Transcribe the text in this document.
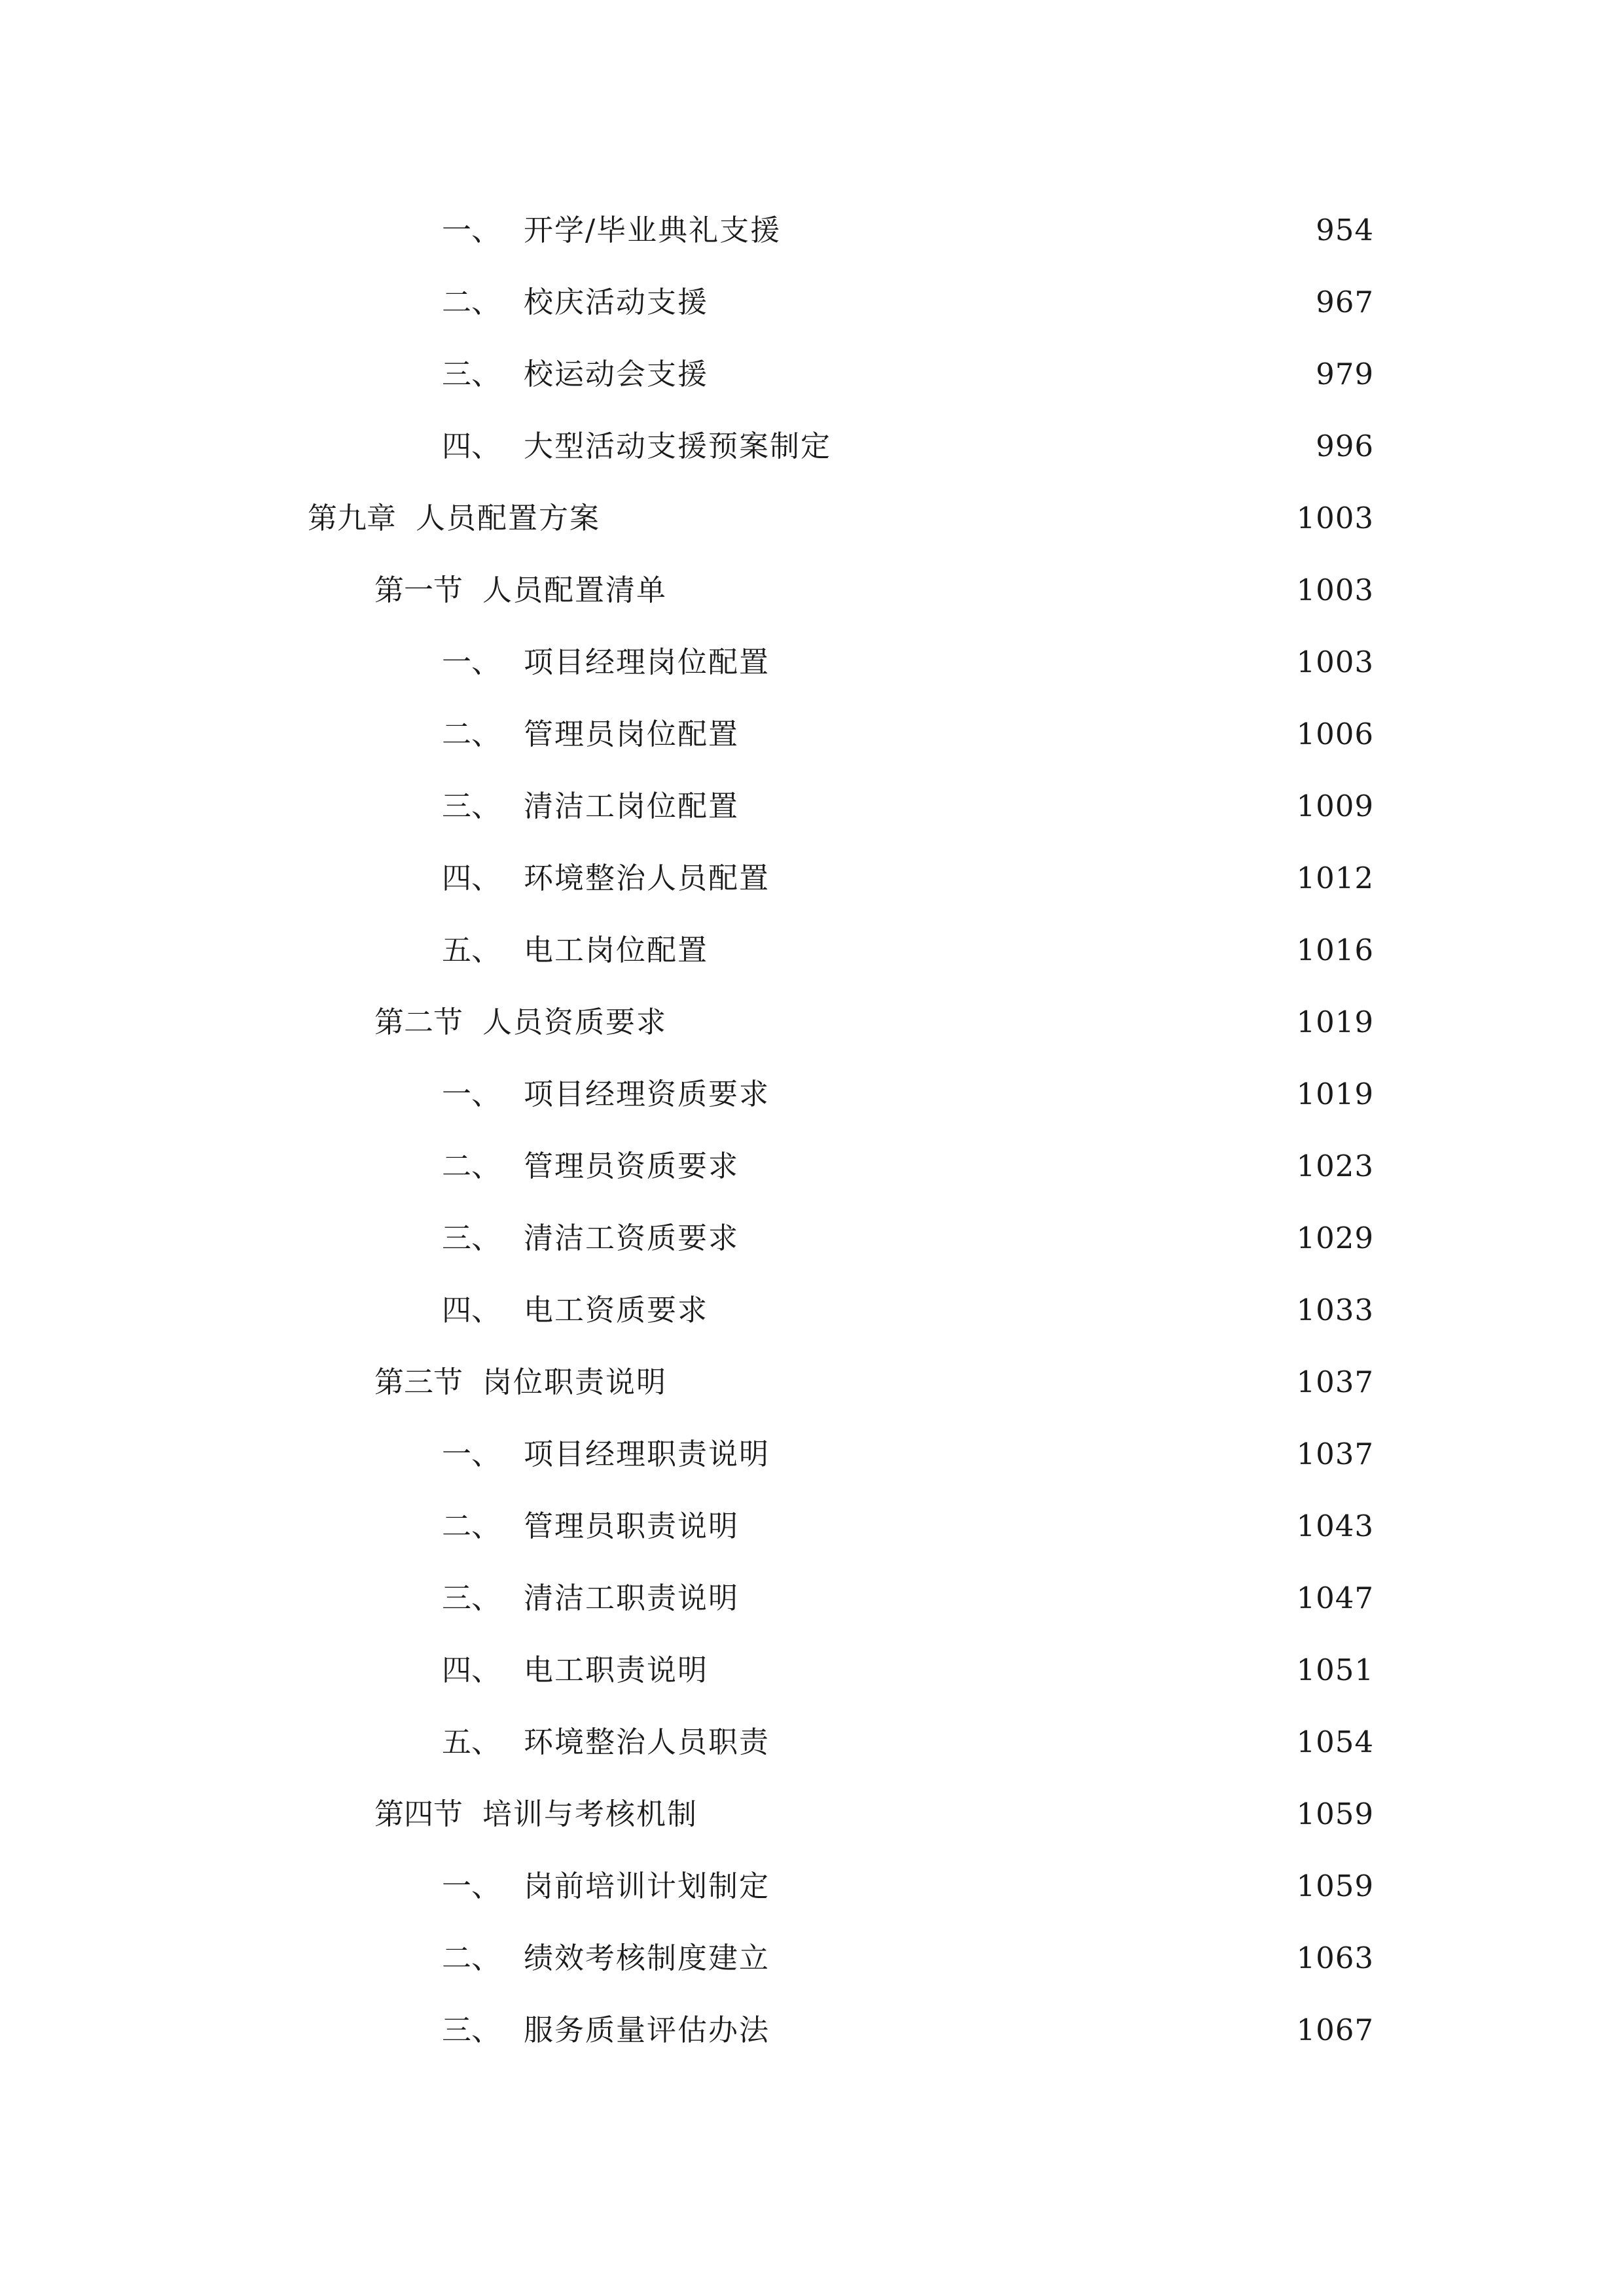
一、 开学/毕业典礼支援	954
二、 校庆活动支援	967
三、 校运动会支援	979
四、 大型活动支援预案制定	996
第九章 人员配置方案	1003
第一节 人员配置清单	1003
一、 项目经理岗位配置	1003
二、 管理员岗位配置	1006
三、 清洁工岗位配置	1009
四、 环境整治人员配置	1012
五、 电工岗位配置	1016
第二节 人员资质要求	1019
一、 项目经理资质要求	1019
二、 管理员资质要求	1023
三、 清洁工资质要求	1029
四、 电工资质要求	1033
第三节 岗位职责说明	1037
一、 项目经理职责说明	1037
二、 管理员职责说明	1043
三、 清洁工职责说明	1047
四、 电工职责说明	1051
五、 环境整治人员职责	1054
第四节 培训与考核机制	1059
一、 岗前培训计划制定	1059
二、 绩效考核制度建立	1063
三、 服务质量评估办法	1067
